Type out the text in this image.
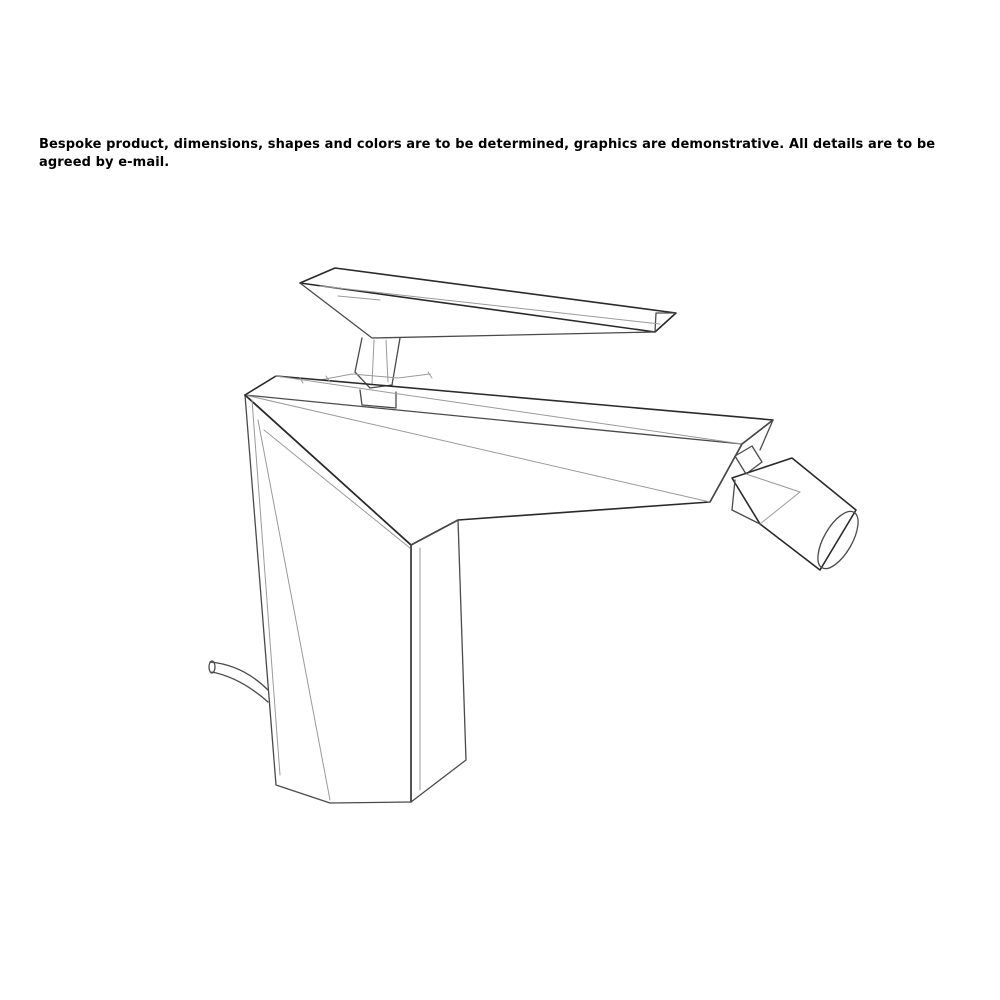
Bespoke product, dimensions, shapes and colors are to be determined, graphics are demonstrative. All details are to be agreed by e-mail.
